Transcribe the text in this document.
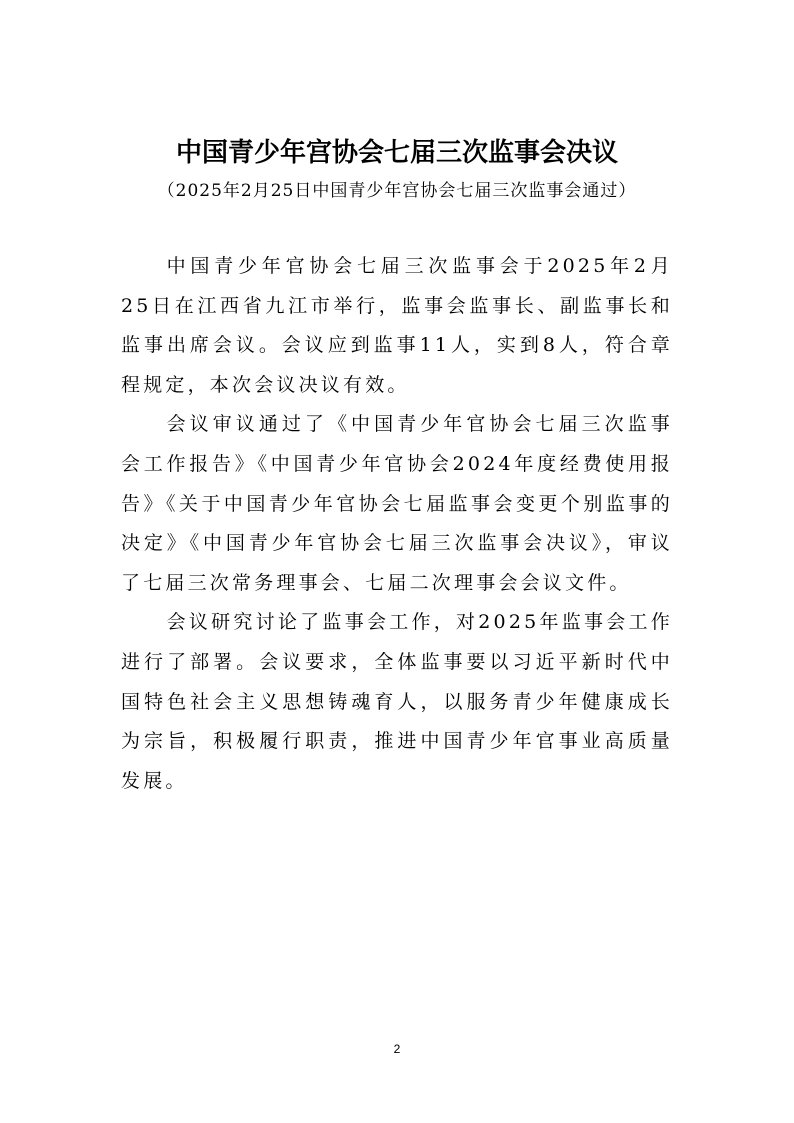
中国青少年宫协会七届三次监事会决议
（2025年2月25日中国青少年宫协会七届三次监事会通过）

中国青少年官协会七届三次监事会于2025年2月25日在江西省九江市举行，监事会监事长、副监事长和监事出席会议。会议应到监事11人，实到8人，符合章程规定，本次会议决议有效。

会议审议通过了《中国青少年官协会七届三次监事会工作报告》《中国青少年官协会2024年度经费使用报告》《关于中国青少年官协会七届监事会变更个别监事的决定》《中国青少年官协会七届三次监事会决议》，审议了七届三次常务理事会、七届二次理事会会议文件。

会议研究讨论了监事会工作，对2025年监事会工作进行了部署。会议要求，全体监事要以习近平新时代中国特色社会主义思想铸魂育人，以服务青少年健康成长为宗旨，积极履行职责，推进中国青少年官事业高质量发展。

2
